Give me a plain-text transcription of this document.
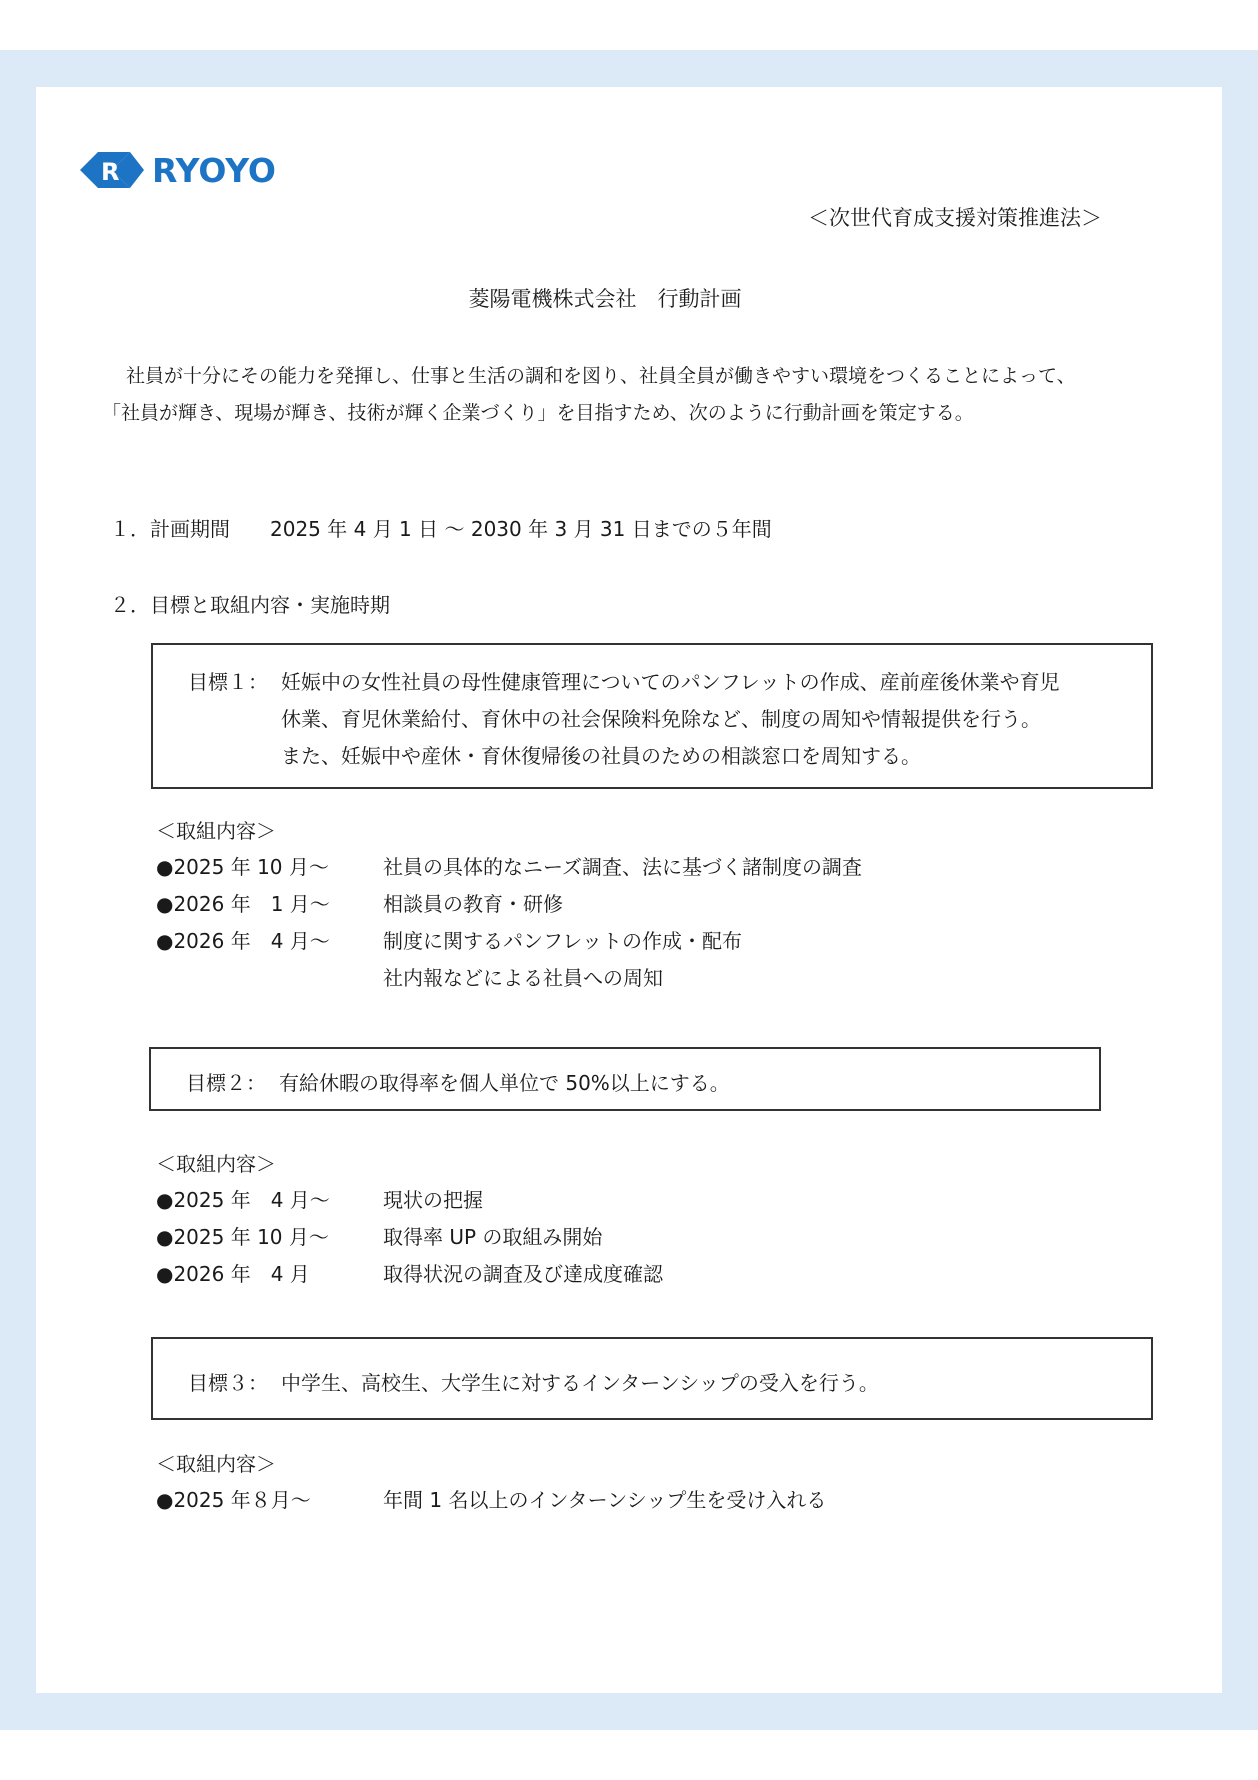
R RYOYO
＜次世代育成支援対策推進法＞
菱陽電機株式会社　行動計画

社員が十分にその能力を発揮し、仕事と生活の調和を図り、社員全員が働きやすい環境をつくることによって、

「社員が輝き、現場が輝き、技術が輝く企業づくり」を目指すため、次のように行動計画を策定する。

１．計画期間　　2025 年 4 月 1 日 ～ 2030 年 3 月 31 日までの５年間
２．目標と取組内容・実施時期
目標１： 妊娠中の女性社員の母性健康管理についてのパンフレットの作成、産前産後休業や育児
休業、育児休業給付、育休中の社会保険料免除など、制度の周知や情報提供を行う。
また、妊娠中や産休・育休復帰後の社員のための相談窓口を周知する。
＜取組内容＞
●2025 年 10 月～	社員の具体的なニーズ調査、法に基づく諸制度の調査
●2026 年　1 月～	相談員の教育・研修
●2026 年　4 月～	制度に関するパンフレットの作成・配布
社内報などによる社員への周知
目標２： 有給休暇の取得率を個人単位で 50%以上にする。
＜取組内容＞
●2025 年　4 月～	現状の把握
●2025 年 10 月～	取得率 UP の取組み開始
●2026 年　4 月	取得状況の調査及び達成度確認
目標３： 中学生、高校生、大学生に対するインターンシップの受入を行う。
＜取組内容＞
●2025 年８月～	年間 1 名以上のインターンシップ生を受け入れる
